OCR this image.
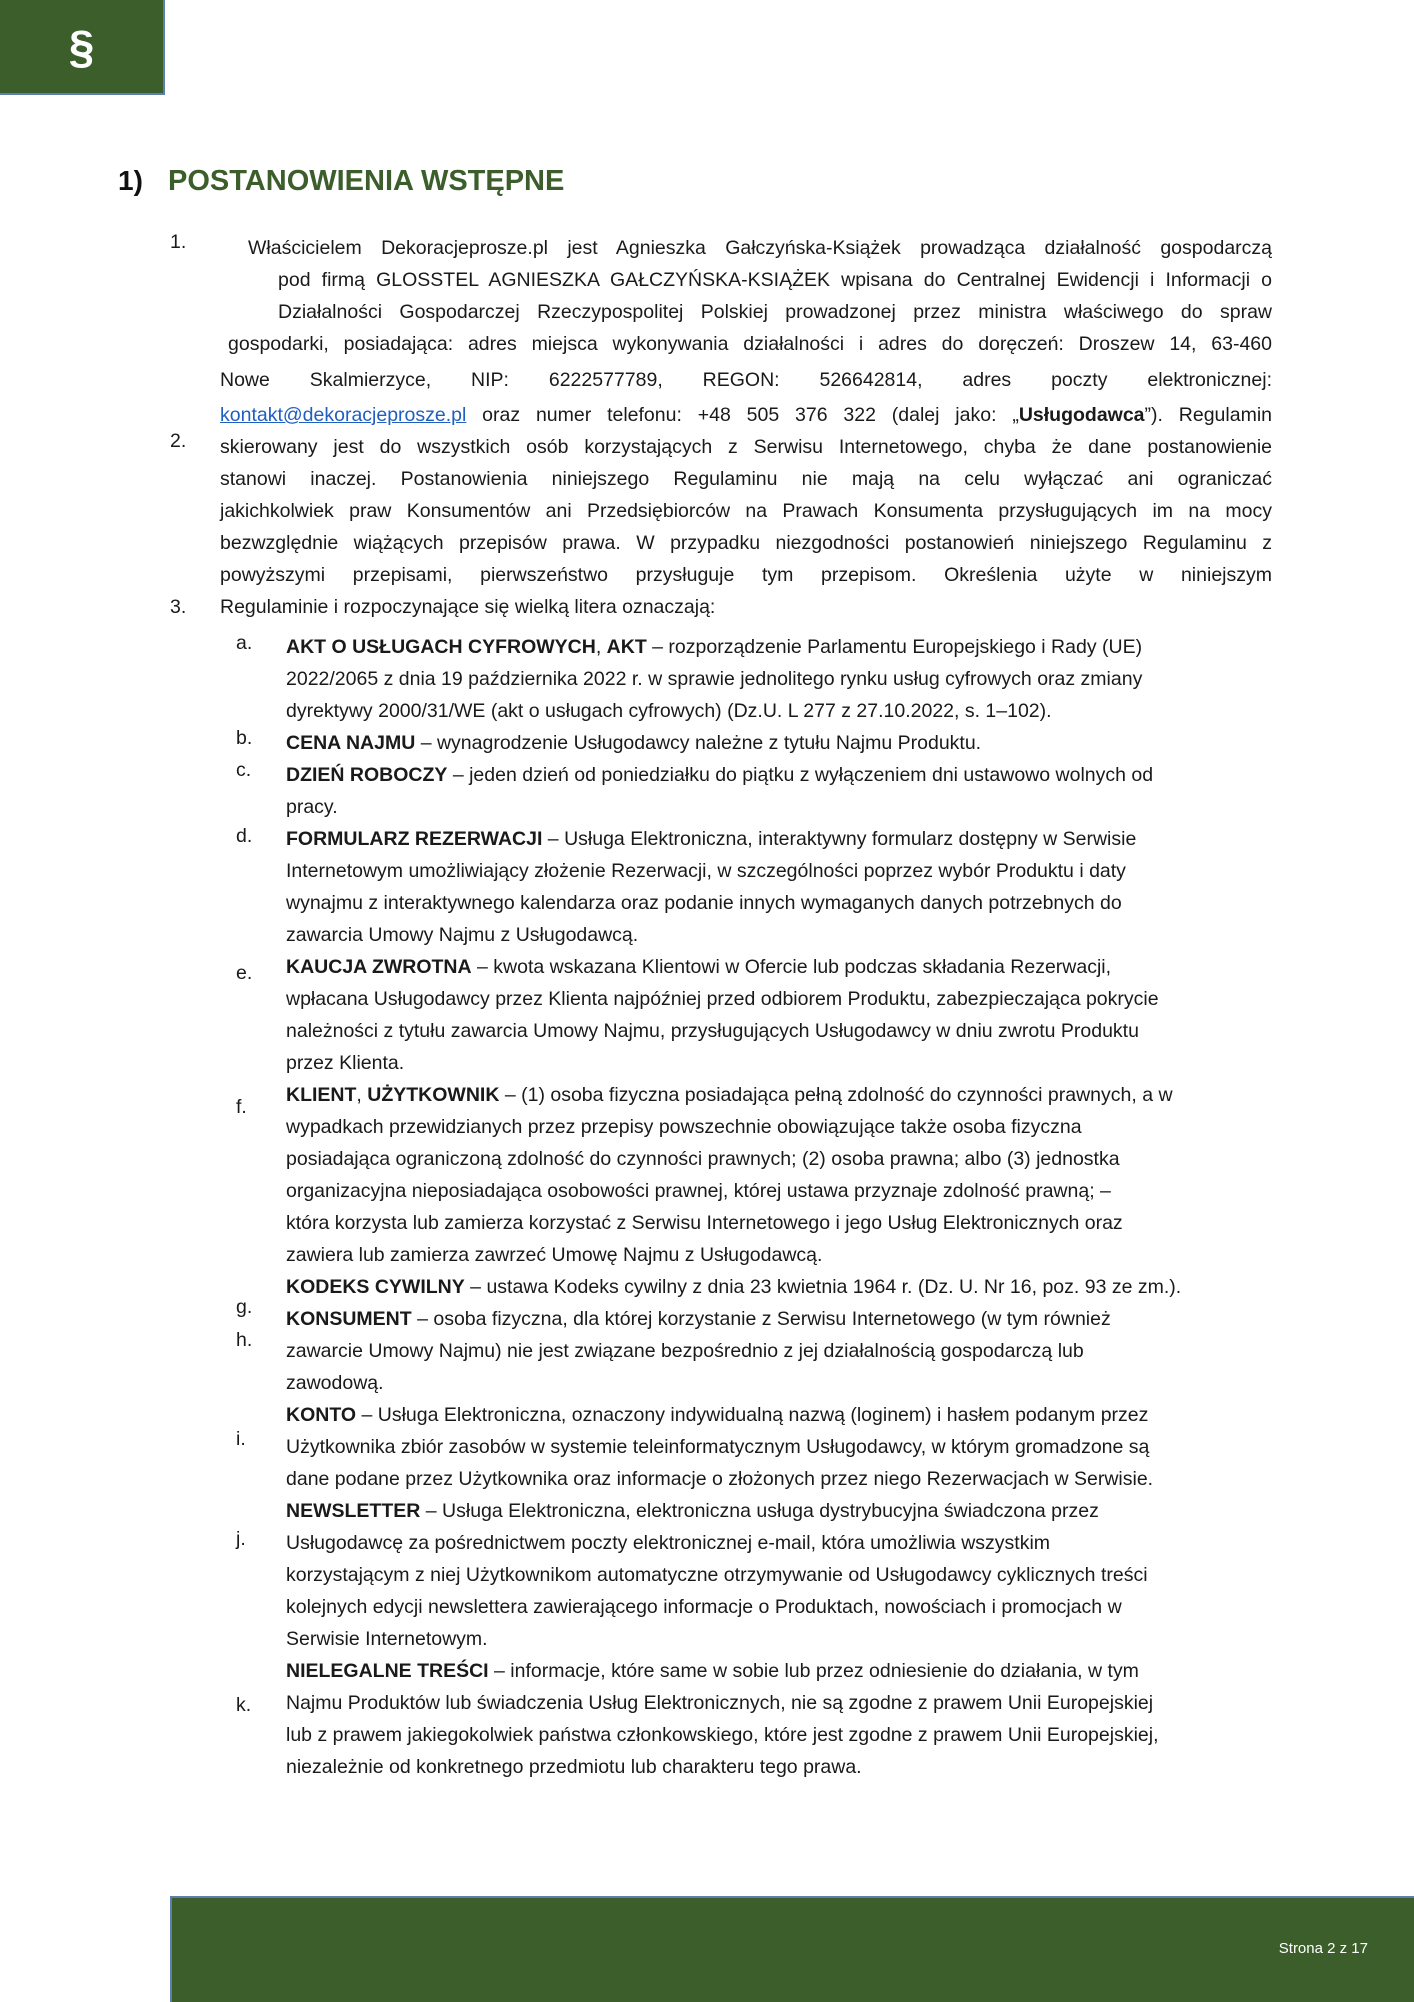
§
1) POSTANOWIENIA WSTĘPNE
1.
2.
3.
Właścicielem Dekoracjeprosze.pl jest Agnieszka Gałczyńska-Książek prowadząca działalność gospodarczą
pod firmą GLOSSTEL AGNIESZKA GAŁCZYŃSKA-KSIĄŻEK wpisana do Centralnej Ewidencji i Informacji o
Działalności Gospodarczej Rzeczypospolitej Polskiej prowadzonej przez ministra właściwego do spraw
gospodarki, posiadająca: adres miejsca wykonywania działalności i adres do doręczeń: Droszew 14, 63-460
Nowe Skalmierzyce, NIP: 6222577789, REGON: 526642814, adres poczty elektronicznej:
kontakt@dekoracjeprosze.pl oraz numer telefonu: +48 505 376 322 (dalej jako: „Usługodawca”). Regulamin
skierowany jest do wszystkich osób korzystających z Serwisu Internetowego, chyba że dane postanowienie
stanowi inaczej. Postanowienia niniejszego Regulaminu nie mają na celu wyłączać ani ograniczać
jakichkolwiek praw Konsumentów ani Przedsiębiorców na Prawach Konsumenta przysługujących im na mocy
bezwzględnie wiążących przepisów prawa. W przypadku niezgodności postanowień niniejszego Regulaminu z
powyższymi przepisami, pierwszeństwo przysługuje tym przepisom. Określenia użyte w niniejszym
Regulaminie i rozpoczynające się wielką litera oznaczają:
a.
b.
c.
d.
e.
f.
g.
h.
i.
j.
k.
AKT O USŁUGACH CYFROWYCH, AKT – rozporządzenie Parlamentu Europejskiego i Rady (UE)
2022/2065 z dnia 19 października 2022 r. w sprawie jednolitego rynku usług cyfrowych oraz zmiany
dyrektywy 2000/31/WE (akt o usługach cyfrowych) (Dz.U. L 277 z 27.10.2022, s. 1–102).
CENA NAJMU – wynagrodzenie Usługodawcy należne z tytułu Najmu Produktu.
DZIEŃ ROBOCZY – jeden dzień od poniedziałku do piątku z wyłączeniem dni ustawowo wolnych od
pracy.
FORMULARZ REZERWACJI – Usługa Elektroniczna, interaktywny formularz dostępny w Serwisie
Internetowym umożliwiający złożenie Rezerwacji, w szczególności poprzez wybór Produktu i daty
wynajmu z interaktywnego kalendarza oraz podanie innych wymaganych danych potrzebnych do
zawarcia Umowy Najmu z Usługodawcą.
KAUCJA ZWROTNA – kwota wskazana Klientowi w Ofercie lub podczas składania Rezerwacji,
wpłacana Usługodawcy przez Klienta najpóźniej przed odbiorem Produktu, zabezpieczająca pokrycie
należności z tytułu zawarcia Umowy Najmu, przysługujących Usługodawcy w dniu zwrotu Produktu
przez Klienta.
KLIENT, UŻYTKOWNIK – (1) osoba fizyczna posiadająca pełną zdolność do czynności prawnych, a w
wypadkach przewidzianych przez przepisy powszechnie obowiązujące także osoba fizyczna
posiadająca ograniczoną zdolność do czynności prawnych; (2) osoba prawna; albo (3) jednostka
organizacyjna nieposiadająca osobowości prawnej, której ustawa przyznaje zdolność prawną; –
która korzysta lub zamierza korzystać z Serwisu Internetowego i jego Usług Elektronicznych oraz
zawiera lub zamierza zawrzeć Umowę Najmu z Usługodawcą.
KODEKS CYWILNY – ustawa Kodeks cywilny z dnia 23 kwietnia 1964 r. (Dz. U. Nr 16, poz. 93 ze zm.).
KONSUMENT – osoba fizyczna, dla której korzystanie z Serwisu Internetowego (w tym również
zawarcie Umowy Najmu) nie jest związane bezpośrednio z jej działalnością gospodarczą lub
zawodową.
KONTO – Usługa Elektroniczna, oznaczony indywidualną nazwą (loginem) i hasłem podanym przez
Użytkownika zbiór zasobów w systemie teleinformatycznym Usługodawcy, w którym gromadzone są
dane podane przez Użytkownika oraz informacje o złożonych przez niego Rezerwacjach w Serwisie.
NEWSLETTER – Usługa Elektroniczna, elektroniczna usługa dystrybucyjna świadczona przez
Usługodawcę za pośrednictwem poczty elektronicznej e-mail, która umożliwia wszystkim
korzystającym z niej Użytkownikom automatyczne otrzymywanie od Usługodawcy cyklicznych treści
kolejnych edycji newslettera zawierającego informacje o Produktach, nowościach i promocjach w
Serwisie Internetowym.
NIELEGALNE TREŚCI – informacje, które same w sobie lub przez odniesienie do działania, w tym
Najmu Produktów lub świadczenia Usług Elektronicznych, nie są zgodne z prawem Unii Europejskiej
lub z prawem jakiegokolwiek państwa członkowskiego, które jest zgodne z prawem Unii Europejskiej,
niezależnie od konkretnego przedmiotu lub charakteru tego prawa.
Strona 2 z 17
